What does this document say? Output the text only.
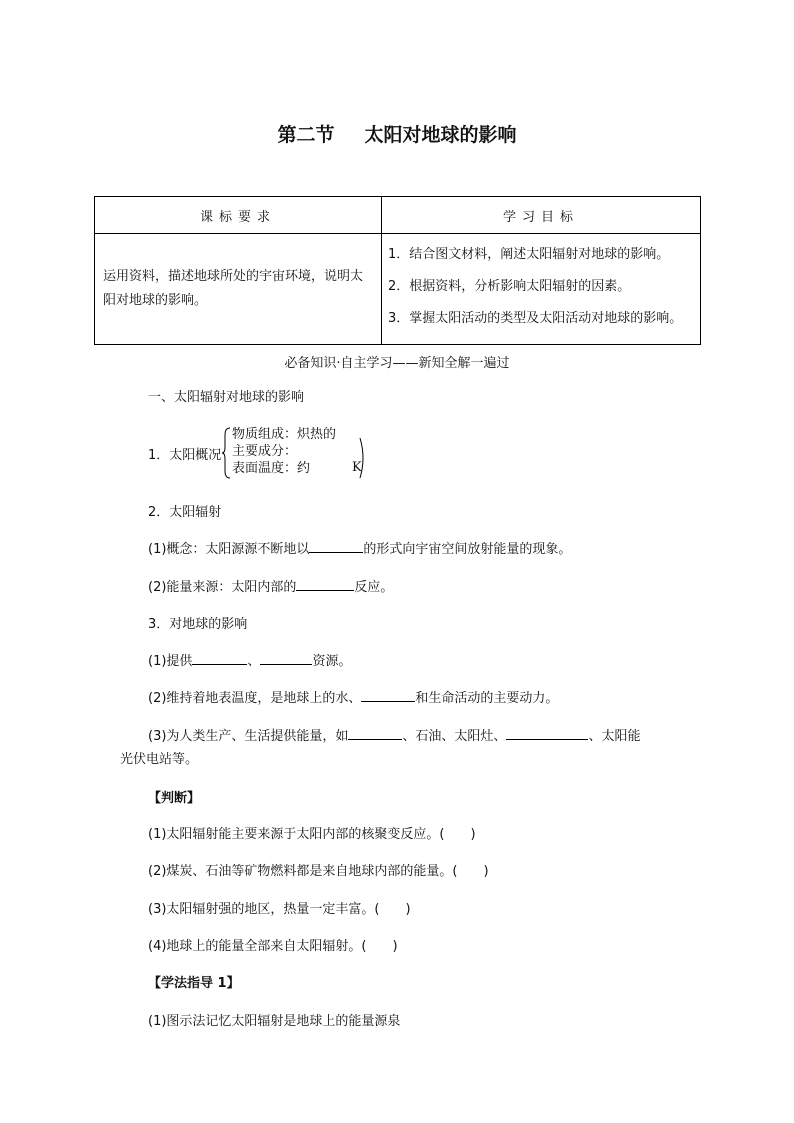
第二节 太阳对地球的影响
课标要求	学习目标
运用资料，描述地球所处的宇宙环境，说明太阳对地球的影响。	1．结合图文材料，阐述太阳辐射对地球的影响。
2．根据资料，分析影响太阳辐射的因素。
3．掌握太阳活动的类型及太阳活动对地球的影响。
必备知识·自主学习——新知全解一遍过
一、太阳辐射对地球的影响
1．太阳概况
物质组成：炽热的
主要成分：
表面温度：约	K
2．太阳辐射
(1)概念：太阳源源不断地以	的形式向宇宙空间放射能量的现象。
(2)能量来源：太阳内部的	反应。
3．对地球的影响
(1)提供	、	资源。
(2)维持着地表温度，是地球上的水、	和生命活动的主要动力。
(3)为人类生产、生活提供能量，如	、石油、太阳灶、	、太阳能
光伏电站等。
【判断】
(1)太阳辐射能主要来源于太阳内部的核聚变反应。(　　)
(2)煤炭、石油等矿物燃料都是来自地球内部的能量。(　　)
(3)太阳辐射强的地区，热量一定丰富。(　　)
(4)地球上的能量全部来自太阳辐射。(　　)
【学法指导 1】
(1)图示法记忆太阳辐射是地球上的能量源泉
